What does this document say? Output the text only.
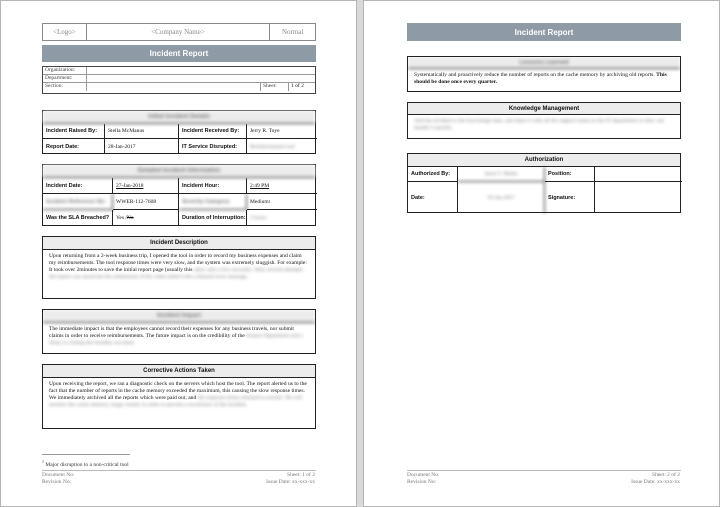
<Logo>	<Company Name>	Normal
Incident Report
Organization:
Department:
Section:	Sheet:	1 of 2
Initial Incident Details
Incident Raised By:	Stella McManus	Incident Received By:	Jerry R. Toye
Report Date:	28-Jan-2017	IT Service Disrupted:	Reimbursement tool
Detailed Incident Information
Incident Date:	27-Jan-2018	Incident Hour:	2:49 PM
Incident Reference No:	WWER-112-7608	Severity Category:	Medium 1
Was the SLA Breached?	Yes / No	Duration of Interruption: 3 hours
Incident Description
Upon returning from a 2-week business trip, I opened the tool in order to record my business expenses and claim my reimbursements. The tool response times were very slow, and the system was extremely sluggish. For example: It took over 2minutes to save the initial report page (usually this takes only a few seconds). After several attempts the report was saved but the submission of the claim failed with a timeout error message.
Incident Impact
The immediate impact is that the employees cannot record their expenses for any business travels, nor submit claims in order to receive reimbursements. The future impact is on the credibility of the finance department and a delay in closing the monthly accounts.
Corrective Actions Taken
Upon receiving the report, we ran a diagnostic check on the servers which host the tool. The report alerted us to the fact that the number of reports in the cache memory exceeded the maximum, this causing the slow response times. We immediately archived all the reports which were paid out, and the response times returned to normal. We will monitor the cache memory usage closely in order to prevent a recurrence of the incident.
$^1$ Major disruption to a non-critical tool
Document No:
Revision No:
Sheet: 1 of 2
Issue Date: xx-xxx-xx
Incident Report
Lessons Learned
Systematically and proactively reduce the number of reports on the cache memory by archiving old reports. This should be done once every quarter.
Knowledge Management
Add the incident to the knowledge base, and share it with all the support teams in the IT department so they can handle it quickly.
Authorization
Authorized By:	Jason T. Marks	Position:
Date:	29-Jan-2017	Signature:
Document No:
Revision No:
Sheet: 2 of 2
Issue Date: xx-xxx-xx
